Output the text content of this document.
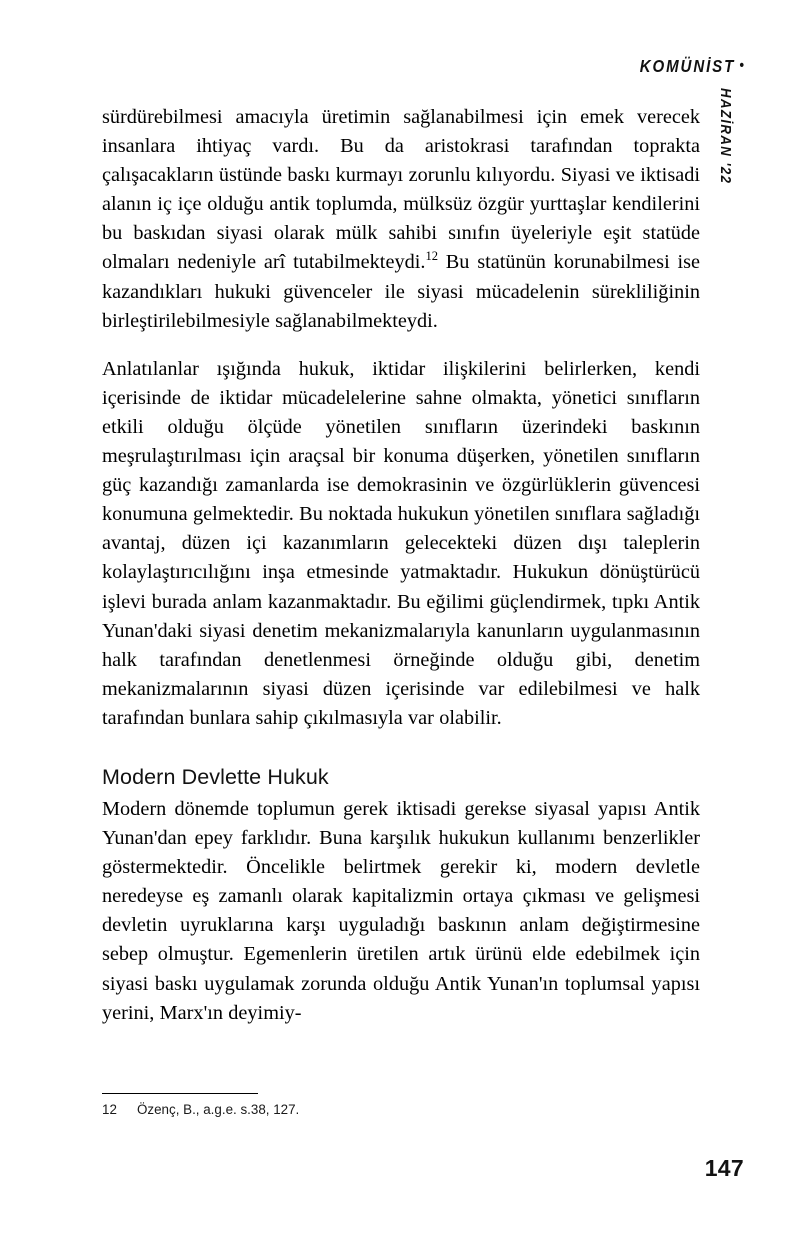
KOMÜNİST •
HAZİRAN '22

sürdürebilmesi amacıyla üretimin sağlanabilmesi için emek verecek insanlara ihtiyaç vardı. Bu da aristokrasi tarafından toprakta çalışacakların üstünde baskı kurmayı zorunlu kılıyordu. Siyasi ve iktisadi alanın iç içe olduğu antik toplumda, mülksüz özgür yurttaşlar kendilerini bu baskıdan siyasi olarak mülk sahibi sınıfın üyeleriyle eşit statüde olmaları nedeniyle arî tutabilmekteydi.$^{12}$ Bu statünün korunabilmesi ise kazandıkları hukuki güvenceler ile siyasi mücadelenin sürekliliğinin birleştirilebilmesiyle sağlanabilmekteydi.

Anlatılanlar ışığında hukuk, iktidar ilişkilerini belirlerken, kendi içerisinde de iktidar mücadelelerine sahne olmakta, yönetici sınıfların etkili olduğu ölçüde yönetilen sınıfların üzerindeki baskının meşrulaştırılması için araçsal bir konuma düşerken, yönetilen sınıfların güç kazandığı zamanlarda ise demokrasinin ve özgürlüklerin güvencesi konumuna gelmektedir. Bu noktada hukukun yönetilen sınıflara sağladığı avantaj, düzen içi kazanımların gelecekteki düzen dışı taleplerin kolaylaştırıcılığını inşa etmesinde yatmaktadır. Hukukun dönüştürücü işlevi burada anlam kazanmaktadır. Bu eğilimi güçlendirmek, tıpkı Antik Yunan'daki siyasi denetim mekanizmalarıyla kanunların uygulanmasının halk tarafından denetlenmesi örneğinde olduğu gibi, denetim mekanizmalarının siyasi düzen içerisinde var edilebilmesi ve halk tarafından bunlara sahip çıkılmasıyla var olabilir.

Modern Devlette Hukuk

Modern dönemde toplumun gerek iktisadi gerekse siyasal yapısı Antik Yunan'dan epey farklıdır. Buna karşılık hukukun kullanımı benzerlikler göstermektedir. Öncelikle belirtmek gerekir ki, modern devletle neredeyse eş zamanlı olarak kapitalizmin ortaya çıkması ve gelişmesi devletin uyruklarına karşı uyguladığı baskının anlam değiştirmesine sebep olmuştur. Egemenlerin üretilen artık ürünü elde edebilmek için siyasi baskı uygulamak zorunda olduğu Antik Yunan'ın toplumsal yapısı yerini, Marx'ın deyimiy-

12 Özenç, B., a.g.e. s.38, 127.
147
